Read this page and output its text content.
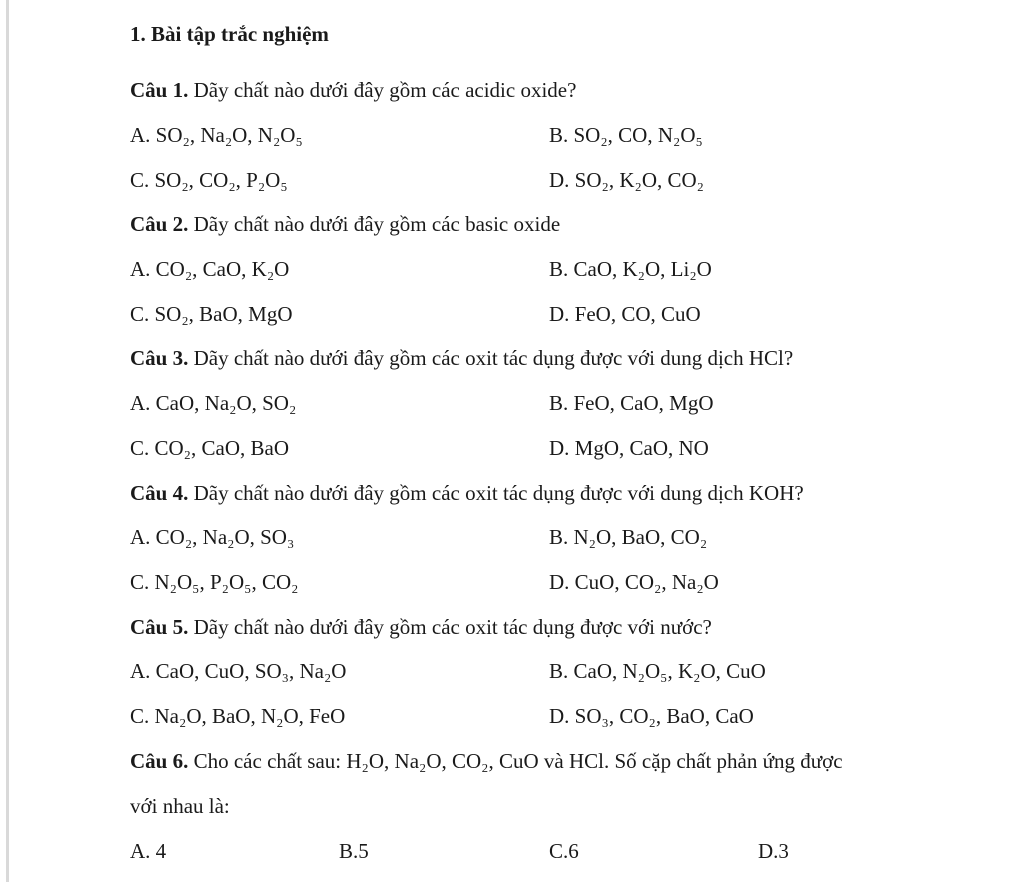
1. Bài tập trắc nghiệm
Câu 1. Dãy chất nào dưới đây gồm các acidic oxide?
A. SO₂, Na₂O, N₂O₅	B. SO₂, CO, N₂O₅
C. SO₂, CO₂, P₂O₅	D. SO₂, K₂O, CO₂
Câu 2. Dãy chất nào dưới đây gồm các basic oxide
A. CO₂, CaO, K₂O	B. CaO, K₂O, Li₂O
C. SO₂, BaO, MgO	D. FeO, CO, CuO
Câu 3. Dãy chất nào dưới đây gồm các oxit tác dụng được với dung dịch HCl?
A. CaO, Na₂O, SO₂	B. FeO, CaO, MgO
C. CO₂, CaO, BaO	D. MgO, CaO, NO
Câu 4. Dãy chất nào dưới đây gồm các oxit tác dụng được với dung dịch KOH?
A. CO₂, Na₂O, SO₃	B. N₂O, BaO, CO₂
C. N₂O₅, P₂O₅, CO₂	D. CuO, CO₂, Na₂O
Câu 5. Dãy chất nào dưới đây gồm các oxit tác dụng được với nước?
A. CaO, CuO, SO₃, Na₂O	B. CaO, N₂O₅, K₂O, CuO
C. Na₂O, BaO, N₂O, FeO	D. SO₃, CO₂, BaO, CaO
Câu 6. Cho các chất sau: H₂O, Na₂O, CO₂, CuO và HCl. Số cặp chất phản ứng được
với nhau là:
A. 4	B.5	C.6	D.3
